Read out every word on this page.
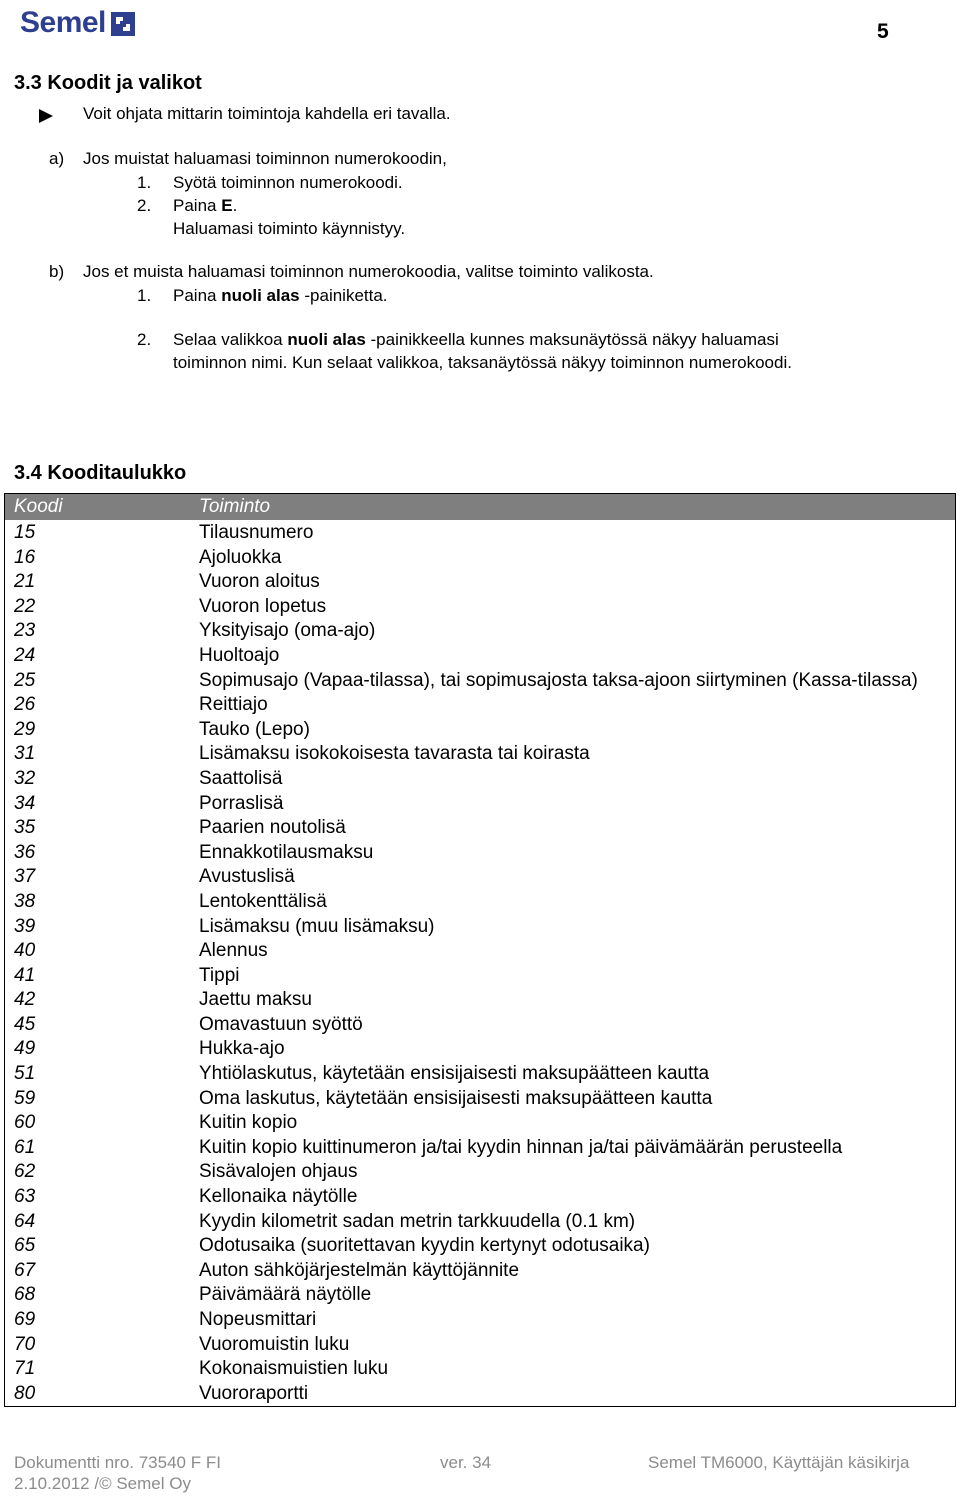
Semel	5
3.3 Koodit ja valikot
Voit ohjata mittarin toimintoja kahdella eri tavalla.
a) Jos muistat haluamasi toiminnon numerokoodin,
1. Syötä toiminnon numerokoodi.
2. Paina E.
Haluamasi toiminto käynnistyy.
b) Jos et muista haluamasi toiminnon numerokoodia, valitse toiminto valikosta.
1. Paina nuoli alas -painiketta.
2. Selaa valikkoa nuoli alas -painikkeella kunnes maksunäytössä näkyy haluamasi
toiminnon nimi. Kun selaat valikkoa, taksanäytössä näkyy toiminnon numerokoodi.
3.4 Kooditaulukko
Koodi	Toiminto
15	Tilausnumero
16	Ajoluokka
21	Vuoron aloitus
22	Vuoron lopetus
23	Yksityisajo (oma-ajo)
24	Huoltoajo
25	Sopimusajo (Vapaa-tilassa), tai sopimusajosta taksa-ajoon siirtyminen (Kassa-tilassa)
26	Reittiajo
29	Tauko (Lepo)
31	Lisämaksu isokokoisesta tavarasta tai koirasta
32	Saattolisä
34	Porraslisä
35	Paarien noutolisä
36	Ennakkotilausmaksu
37	Avustuslisä
38	Lentokenttälisä
39	Lisämaksu (muu lisämaksu)
40	Alennus
41	Tippi
42	Jaettu maksu
45	Omavastuun syöttö
49	Hukka-ajo
51	Yhtiölaskutus, käytetään ensisijaisesti maksupäätteen kautta
59	Oma laskutus, käytetään ensisijaisesti maksupäätteen kautta
60	Kuitin kopio
61	Kuitin kopio kuittinumeron ja/tai kyydin hinnan ja/tai päivämäärän perusteella
62	Sisävalojen ohjaus
63	Kellonaika näytölle
64	Kyydin kilometrit sadan metrin tarkkuudella (0.1 km)
65	Odotusaika (suoritettavan kyydin kertynyt odotusaika)
67	Auton sähköjärjestelmän käyttöjännite
68	Päivämäärä näytölle
69	Nopeusmittari
70	Vuoromuistin luku
71	Kokonaismuistien luku
80	Vuororaportti
Dokumentti nro. 73540 F FI	ver. 34	Semel TM6000, Käyttäjän käsikirja
2.10.2012 /© Semel Oy
